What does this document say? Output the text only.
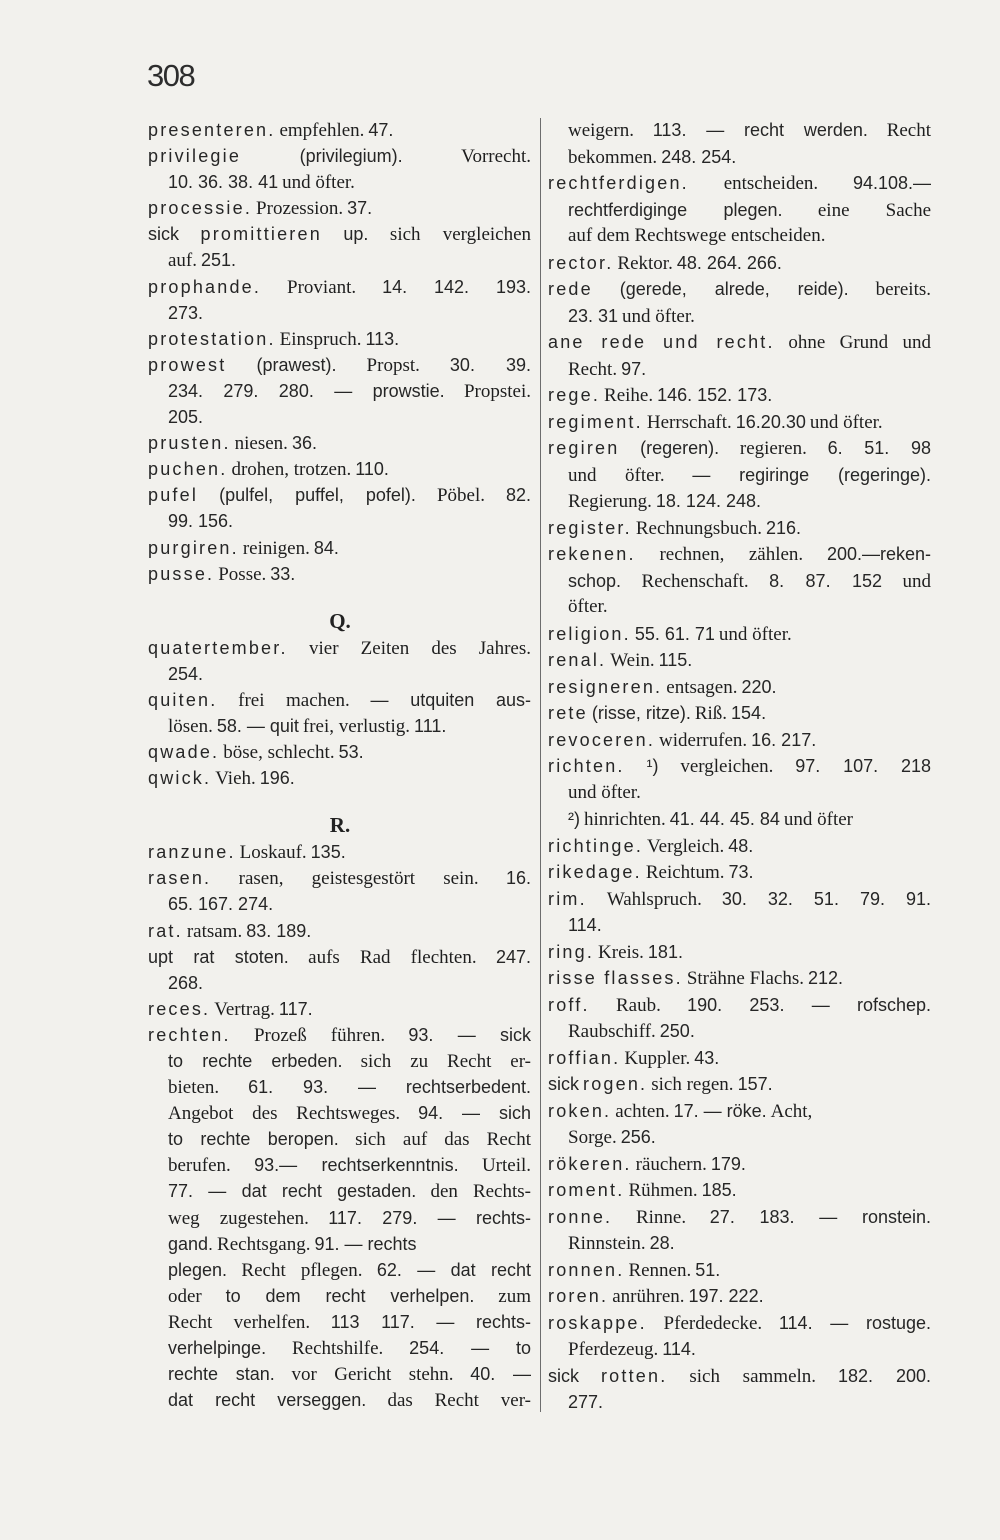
308
presenteren. empfehlen. 47.
privilegie	(privilegium).	Vorrecht.
10. 36. 38. 41 und öfter.
processie. Prozession. 37.
sick promittieren up. sich vergleichen
auf. 251.
prophande. Proviant. 14. 142. 193.
273.
protestation. Einspruch. 113.
prowest (prawest). Propst. 30. 39.
234. 279. 280. — prowstie. Propstei.
205.
prusten. niesen. 36.
puchen. drohen, trotzen. 110.
pufel (pulfel, puffel, pofel). Pöbel. 82.
99. 156.
purgiren. reinigen. 84.
pusse. Posse. 33.
Q.
quatertember. vier Zeiten des Jahres.
254.
quiten. frei machen. — utquiten aus-
lösen. 58. — quit frei, verlustig. 111.
qwade. böse, schlecht. 53.
qwick. Vieh. 196.
R.
ranzune. Loskauf. 135.
rasen. rasen, geistesgestört sein. 16.
65. 167. 274.
rat. ratsam. 83. 189.
upt rat stoten. aufs Rad flechten. 247.
268.
reces. Vertrag. 117.
rechten. Prozeß führen. 93. — sick
to rechte erbeden. sich zu Recht er-
bieten. 61. 93. — rechtserbedent.
Angebot des Rechtsweges. 94. — sich
to rechte beropen. sich auf das Recht
berufen. 93.— rechtserkenntnis. Urteil.
77. — dat recht gestaden. den Rechts-
weg zugestehen. 117. 279. — rechts-
gand. Rechtsgang. 91. — rechts
plegen. Recht pflegen. 62. — dat recht
oder to dem recht verhelpen. zum
Recht verhelfen. 113 117. — rechts-
verhelpinge. Rechtshilfe. 254. — to
rechte stan. vor Gericht stehn. 40. —
dat recht verseggen. das Recht ver-
weigern. 113. — recht werden. Recht
bekommen. 248. 254.
rechtferdigen. entscheiden. 94.108.—
rechtferdiginge plegen. eine Sache
auf dem Rechtswege entscheiden.
rector. Rektor. 48. 264. 266.
rede (gerede, alrede, reide). bereits.
23. 31 und öfter.
ane rede und recht. ohne Grund und
Recht. 97.
rege. Reihe. 146. 152. 173.
regiment. Herrschaft. 16.20.30 und öfter.
regiren (regeren). regieren. 6. 51. 98
und öfter. — regiringe (regeringe).
Regierung. 18. 124. 248.
register. Rechnungsbuch. 216.
rekenen. rechnen, zählen. 200.—reken-
schop. Rechenschaft. 8. 87. 152 und
öfter.
religion. 55. 61. 71 und öfter.
renal. Wein. 115.
resigneren. entsagen. 220.
rete (risse, ritze). Riß. 154.
revoceren. widerrufen. 16. 217.
richten. ¹) vergleichen. 97. 107. 218
und öfter.
²) hinrichten. 41. 44. 45. 84 und öfter
richtinge. Vergleich. 48.
rikedage. Reichtum. 73.
rim. Wahlspruch. 30. 32. 51. 79. 91.
114.
ring. Kreis. 181.
risse flasses. Strähne Flachs. 212.
roff. Raub. 190. 253. — rofschep.
Raubschiff. 250.
roffian. Kuppler. 43.
sick rogen. sich regen. 157.
roken. achten. 17. — röke. Acht,
Sorge. 256.
rökeren. räuchern. 179.
roment. Rühmen. 185.
ronne. Rinne. 27. 183. — ronstein.
Rinnstein. 28.
ronnen. Rennen. 51.
roren. anrühren. 197. 222.
roskappe. Pferdedecke. 114. — rostuge.
Pferdezeug. 114.
sick rotten. sich sammeln. 182. 200.
277.
